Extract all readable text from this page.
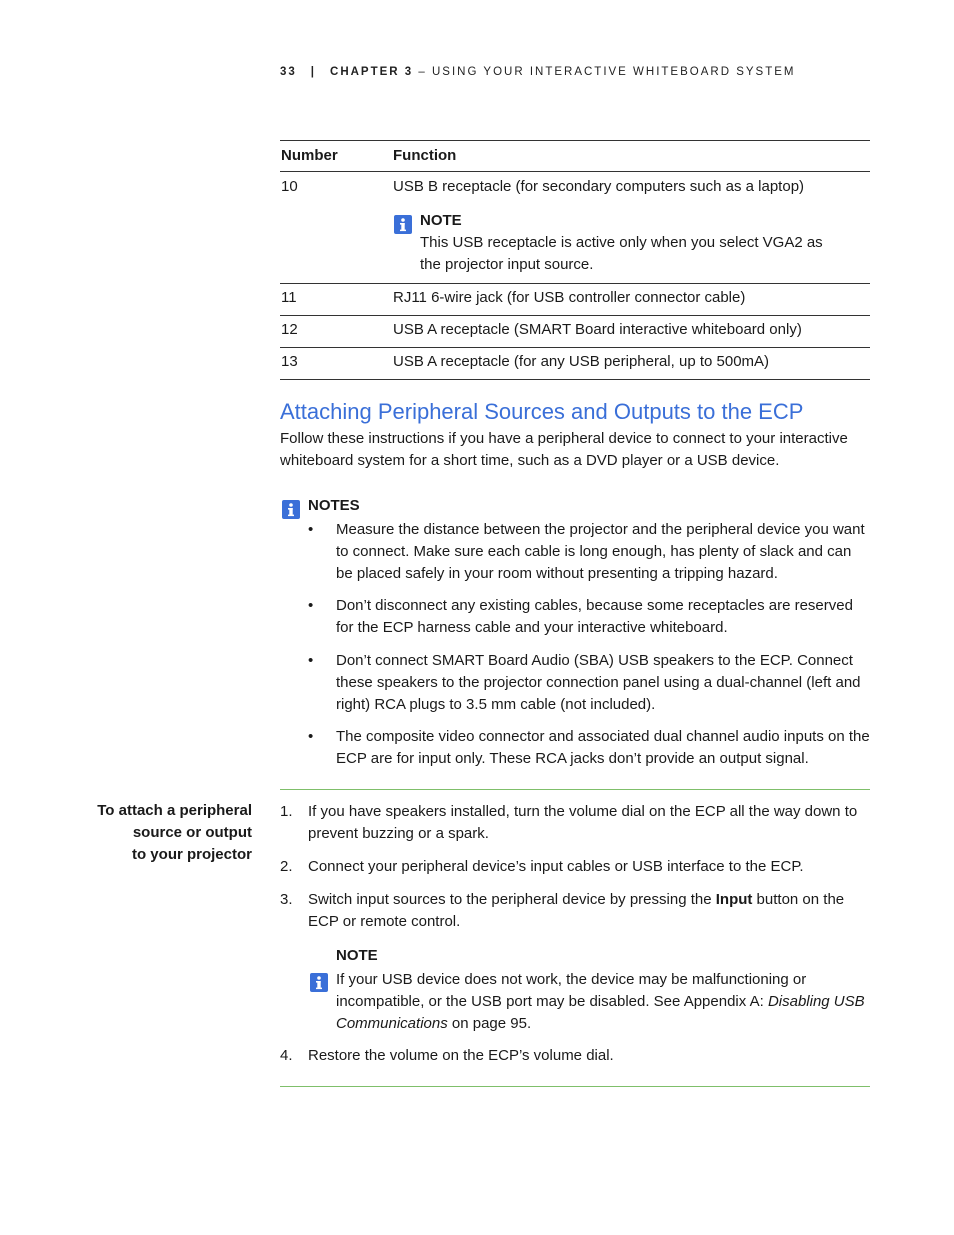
33 | CHAPTER 3 – USING YOUR INTERACTIVE WHITEBOARD SYSTEM
Number	Function
10	USB B receptacle (for secondary computers such as a laptop)
NOTE
This USB receptacle is active only when you select VGA2 as the projector input source.
11	RJ11 6-wire jack (for USB controller connector cable)
12	USB A receptacle (SMART Board interactive whiteboard only)
13	USB A receptacle (for any USB peripheral, up to 500mA)
Attaching Peripheral Sources and Outputs to the ECP
Follow these instructions if you have a peripheral device to connect to your interactive whiteboard system for a short time, such as a DVD player or a USB device.
NOTES
• Measure the distance between the projector and the peripheral device you want to connect. Make sure each cable is long enough, has plenty of slack and can be placed safely in your room without presenting a tripping hazard.
• Don’t disconnect any existing cables, because some receptacles are reserved for the ECP harness cable and your interactive whiteboard.
• Don’t connect SMART Board Audio (SBA) USB speakers to the ECP. Connect these speakers to the projector connection panel using a dual-channel (left and right) RCA plugs to 3.5 mm cable (not included).
• The composite video connector and associated dual channel audio inputs on the ECP are for input only. These RCA jacks don’t provide an output signal.
To attach a peripheral
source or output
to your projector
1. If you have speakers installed, turn the volume dial on the ECP all the way down to prevent buzzing or a spark.
2. Connect your peripheral device’s input cables or USB interface to the ECP.
3. Switch input sources to the peripheral device by pressing the Input button on the ECP or remote control.
NOTE
If your USB device does not work, the device may be malfunctioning or incompatible, or the USB port may be disabled. See Appendix A: Disabling USB Communications on page 95.
4. Restore the volume on the ECP’s volume dial.
